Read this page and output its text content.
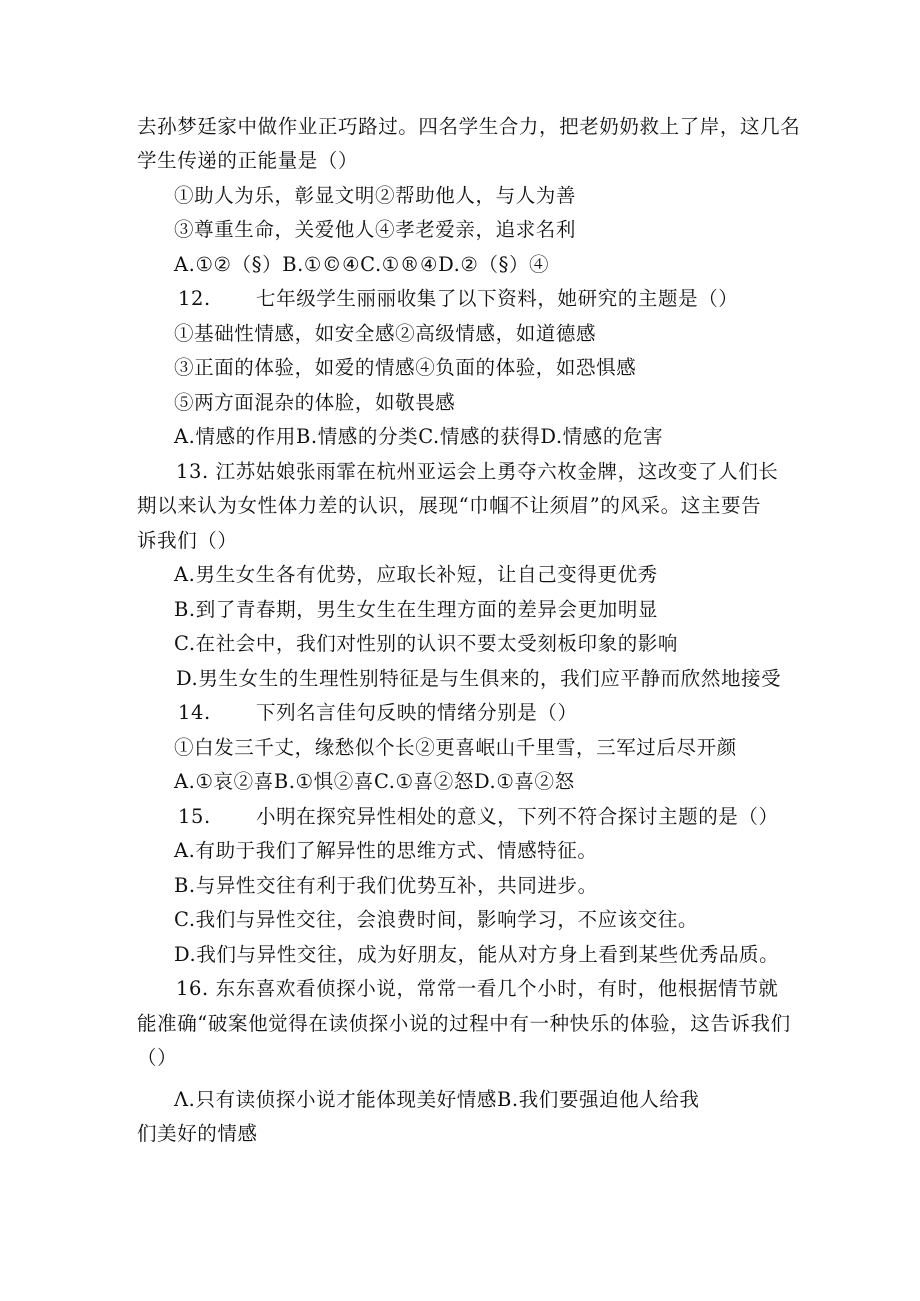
去孙梦廷家中做作业正巧路过。四名学生合力，把老奶奶救上了岸，这几名
学生传递的正能量是（）
①助人为乐，彰显文明②帮助他人，与人为善
③尊重生命，关爱他人④孝老爱亲，追求名利
A.①②（§）B.①©④C.①®④D.②（§）④
12. 七年级学生丽丽收集了以下资料，她研究的主题是（）
①基础性情感，如安全感②高级情感，如道德感
③正面的体验，如爱的情感④负面的体验，如恐惧感
⑤两方面混杂的体脸，如敬畏感
A.情感的作用B.情感的分类C.情感的获得D.情感的危害
13. 江苏姑娘张雨霏在杭州亚运会上勇夺六枚金牌，这改变了人们长
期以来认为女性体力差的认识，展现“巾帼不让须眉”的风采。这主要告
诉我们（）
A.男生女生各有优势，应取长补短，让自己变得更优秀
B.到了青春期，男生女生在生理方面的差异会更加明显
C.在社会中，我们对性别的认识不要太受刻板印象的影响
D.男生女生的生理性别特征是与生俱来的，我们应平静而欣然地接受
14. 下列名言佳句反映的情绪分别是（）
①白发三千丈，缘愁似个长②更喜岷山千里雪，三军过后尽开颜
A.①哀②喜B.①惧②喜C.①喜②怒D.①喜②怒
15. 小明在探究异性相处的意义，下列不符合探讨主题的是（）
A.有助于我们了解异性的思维方式、情感特征。
B.与异性交往有利于我们优势互补，共同进步。
C.我们与异性交往，会浪费时间，影响学习，不应该交往。
D.我们与异性交往，成为好朋友，能从对方身上看到某些优秀品质。
16. 东东喜欢看侦探小说，常常一看几个小时，有时，他根据情节就
能准确“破案他觉得在读侦探小说的过程中有一种快乐的体验，这告诉我们
（）
Λ.只有读侦探小说才能体现美好情感B.我们要强迫他人给我
们美好的情感
